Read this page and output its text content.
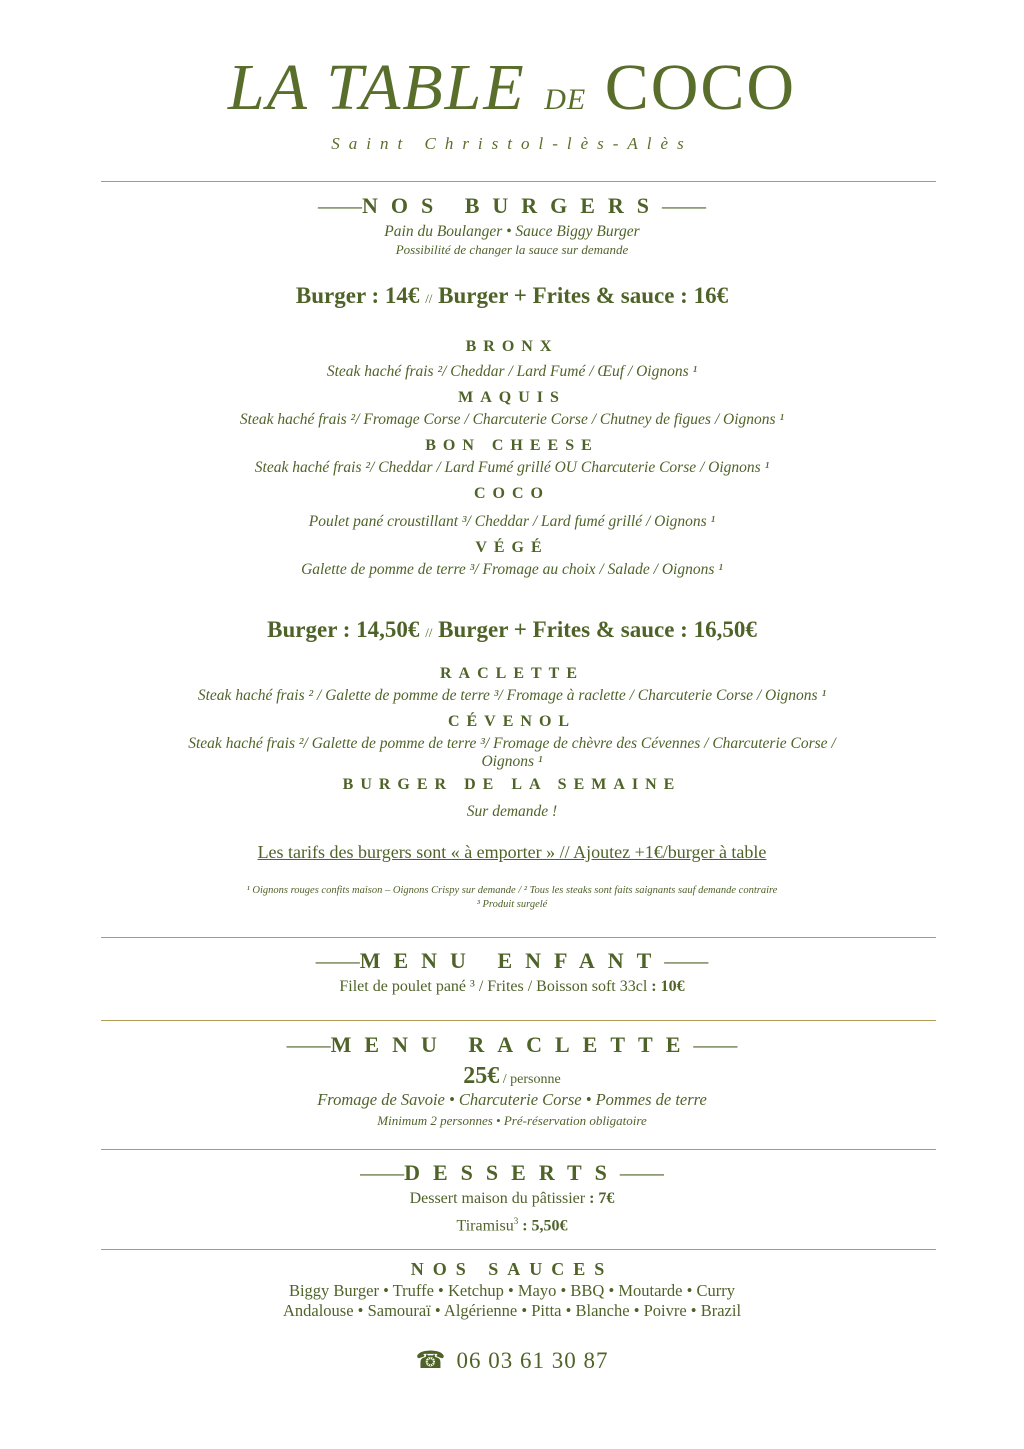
LA TABLE DE COCO
Saint Christol-lès-Alès
——NOS BURGERS——
Pain du Boulanger • Sauce Biggy Burger
Possibilité de changer la sauce sur demande
Burger : 14€ // Burger + Frites & sauce : 16€
BRONX
Steak haché frais ²/ Cheddar / Lard Fumé / Œuf / Oignons ¹
MAQUIS
Steak haché frais ²/ Fromage Corse / Charcuterie Corse / Chutney de figues / Oignons ¹
BON CHEESE
Steak haché frais ²/ Cheddar / Lard Fumé grillé OU Charcuterie Corse / Oignons ¹
COCO
Poulet pané croustillant ³/ Cheddar / Lard fumé grillé / Oignons ¹
VÉGÉ
Galette de pomme de terre ³/ Fromage au choix / Salade / Oignons ¹
Burger : 14,50€ // Burger + Frites & sauce : 16,50€
RACLETTE
Steak haché frais ² / Galette de pomme de terre ³/ Fromage à raclette / Charcuterie Corse / Oignons ¹
CÉVENOL
Steak haché frais ²/ Galette de pomme de terre ³/ Fromage de chèvre des Cévennes / Charcuterie Corse /
Oignons ¹
BURGER DE LA SEMAINE
Sur demande !
Les tarifs des burgers sont « à emporter » // Ajoutez +1€/burger à table
¹ Oignons rouges confits maison – Oignons Crispy sur demande / ² Tous les steaks sont faits saignants sauf demande contraire
³ Produit surgelé
——MENU ENFANT——
Filet de poulet pané ³ / Frites / Boisson soft 33cl : 10€
——MENU RACLETTE——
25€ / personne
Fromage de Savoie • Charcuterie Corse • Pommes de terre
Minimum 2 personnes • Pré-réservation obligatoire
——DESSERTS——
Dessert maison du pâtissier : 7€
Tiramisu$^3$ : 5,50€
NOS SAUCES
Biggy Burger • Truffe • Ketchup • Mayo • BBQ • Moutarde • Curry
Andalouse • Samouraï • Algérienne • Pitta • Blanche • Poivre • Brazil
☎ 06 03 61 30 87
